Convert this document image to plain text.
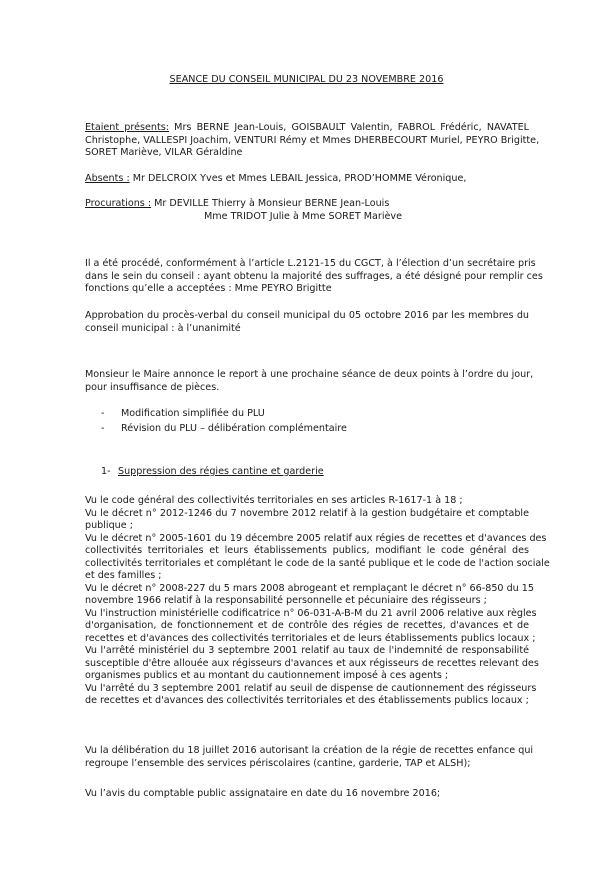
SEANCE DU CONSEIL MUNICIPAL DU 23 NOVEMBRE 2016
Etaient présents: Mrs BERNE Jean-Louis, GOISBAULT Valentin, FABROL Frédéric, NAVATEL
Christophe, VALLESPI Joachim, VENTURI Rémy et Mmes DHERBECOURT Muriel, PEYRO Brigitte,
SORET Mariève, VILAR Géraldine
Absents : Mr DELCROIX Yves et Mmes LEBAIL Jessica, PROD’HOMME Véronique,
Procurations : Mr DEVILLE Thierry à Monsieur BERNE Jean-Louis
Mme TRIDOT Julie à Mme SORET Mariève
Il a été procédé, conformément à l’article L.2121-15 du CGCT, à l’élection d’un secrétaire pris
dans le sein du conseil : ayant obtenu la majorité des suffrages, a été désigné pour remplir ces
fonctions qu’elle a acceptées : Mme PEYRO Brigitte
Approbation du procès-verbal du conseil municipal du 05 octobre 2016 par les membres du
conseil municipal : à l’unanimité
Monsieur le Maire annonce le report à une prochaine séance de deux points à l’ordre du jour,
pour insuffisance de pièces.
- Modification simplifiée du PLU
- Révision du PLU – délibération complémentaire
1- Suppression des régies cantine et garderie
Vu le code général des collectivités territoriales en ses articles R-1617-1 à 18 ;
Vu le décret n° 2012-1246 du 7 novembre 2012 relatif à la gestion budgétaire et comptable
publique ;
Vu le décret n° 2005-1601 du 19 décembre 2005 relatif aux régies de recettes et d'avances des
collectivités territoriales et leurs établissements publics, modifiant le code général des
collectivités territoriales et complétant le code de la santé publique et le code de l'action sociale
et des familles ;
Vu le décret n° 2008-227 du 5 mars 2008 abrogeant et remplaçant le décret n° 66-850 du 15
novembre 1966 relatif à la responsabilité personnelle et pécuniaire des régisseurs ;
Vu l'instruction ministérielle codificatrice n° 06-031-A-B-M du 21 avril 2006 relative aux règles
d'organisation, de fonctionnement et de contrôle des régies de recettes, d'avances et de
recettes et d'avances des collectivités territoriales et de leurs établissements publics locaux ;
Vu l'arrêté ministériel du 3 septembre 2001 relatif au taux de l'indemnité de responsabilité
susceptible d'être allouée aux régisseurs d'avances et aux régisseurs de recettes relevant des
organismes publics et au montant du cautionnement imposé à ces agents ;
Vu l'arrêté du 3 septembre 2001 relatif au seuil de dispense de cautionnement des régisseurs
de recettes et d'avances des collectivités territoriales et des établissements publics locaux ;
Vu la délibération du 18 juillet 2016 autorisant la création de la régie de recettes enfance qui
regroupe l’ensemble des services périscolaires (cantine, garderie, TAP et ALSH);
Vu l’avis du comptable public assignataire en date du 16 novembre 2016;
